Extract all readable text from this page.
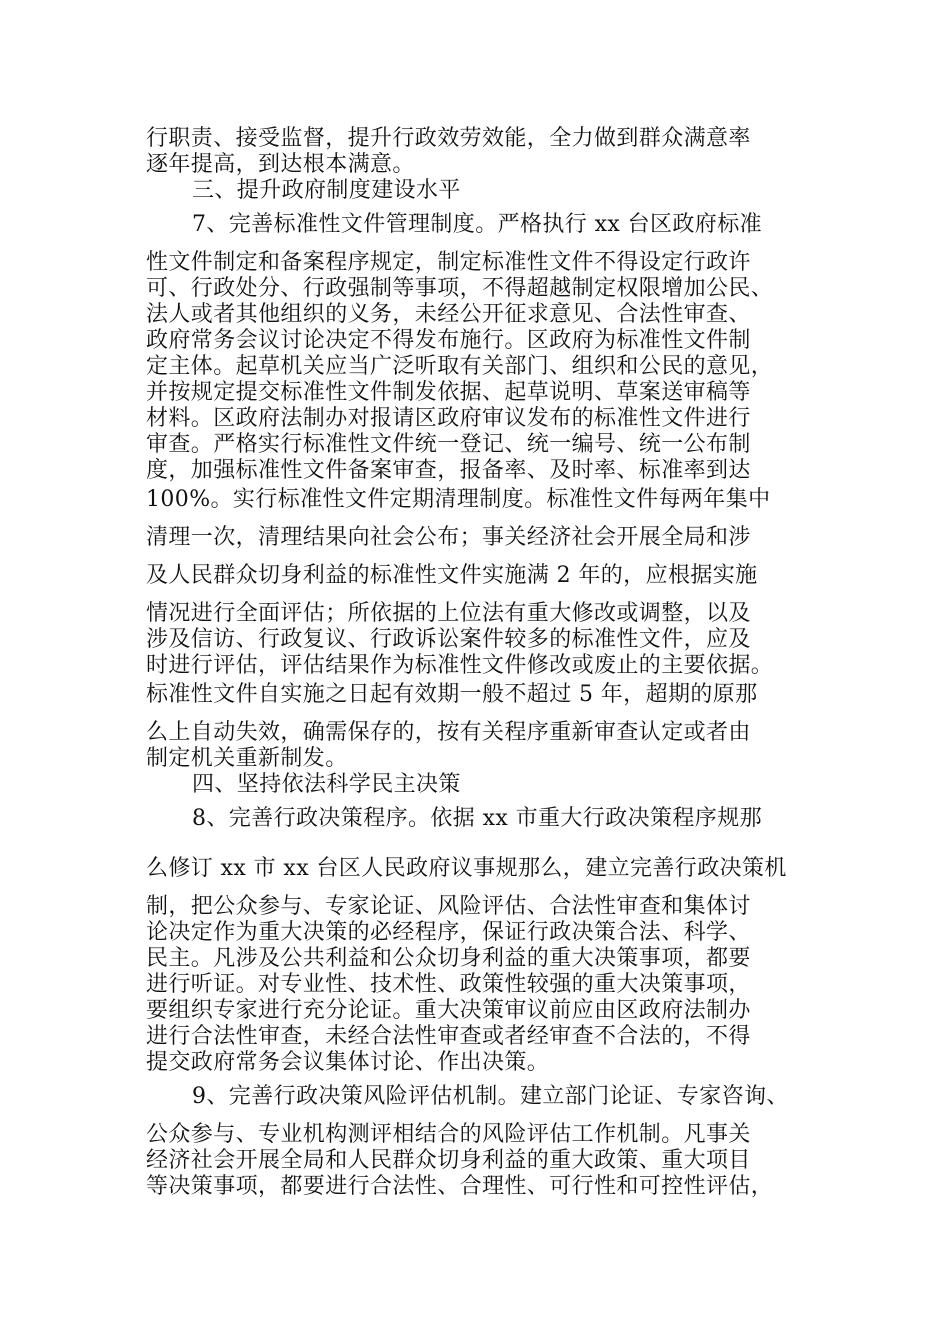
行职责、接受监督，提升行政效劳效能，全力做到群众满意率
逐年提高，到达根本满意。
三、提升政府制度建设水平
7、完善标准性文件管理制度。严格执行 xx 台区政府标准
性文件制定和备案程序规定，制定标准性文件不得设定行政许
可、行政处分、行政强制等事项，不得超越制定权限增加公民、
法人或者其他组织的义务，未经公开征求意见、合法性审查、
政府常务会议讨论决定不得发布施行。区政府为标准性文件制
定主体。起草机关应当广泛听取有关部门、组织和公民的意见，
并按规定提交标准性文件制发依据、起草说明、草案送审稿等
材料。区政府法制办对报请区政府审议发布的标准性文件进行
审查。严格实行标准性文件统一登记、统一编号、统一公布制
度，加强标准性文件备案审查，报备率、及时率、标准率到达
100%。实行标准性文件定期清理制度。标准性文件每两年集中
清理一次，清理结果向社会公布；事关经济社会开展全局和涉
及人民群众切身利益的标准性文件实施满 2 年的，应根据实施
情况进行全面评估；所依据的上位法有重大修改或调整，以及
涉及信访、行政复议、行政诉讼案件较多的标准性文件，应及
时进行评估，评估结果作为标准性文件修改或废止的主要依据。
标准性文件自实施之日起有效期一般不超过 5 年，超期的原那
么上自动失效，确需保存的，按有关程序重新审查认定或者由
制定机关重新制发。
四、坚持依法科学民主决策
8、完善行政决策程序。依据 xx 市重大行政决策程序规那
么修订 xx 市 xx 台区人民政府议事规那么，建立完善行政决策机
制，把公众参与、专家论证、风险评估、合法性审查和集体讨
论决定作为重大决策的必经程序，保证行政决策合法、科学、
民主。凡涉及公共利益和公众切身利益的重大决策事项，都要
进行听证。对专业性、技术性、政策性较强的重大决策事项，
要组织专家进行充分论证。重大决策审议前应由区政府法制办
进行合法性审查，未经合法性审查或者经审查不合法的，不得
提交政府常务会议集体讨论、作出决策。
9、完善行政决策风险评估机制。建立部门论证、专家咨询、
公众参与、专业机构测评相结合的风险评估工作机制。凡事关
经济社会开展全局和人民群众切身利益的重大政策、重大项目
等决策事项，都要进行合法性、合理性、可行性和可控性评估，
